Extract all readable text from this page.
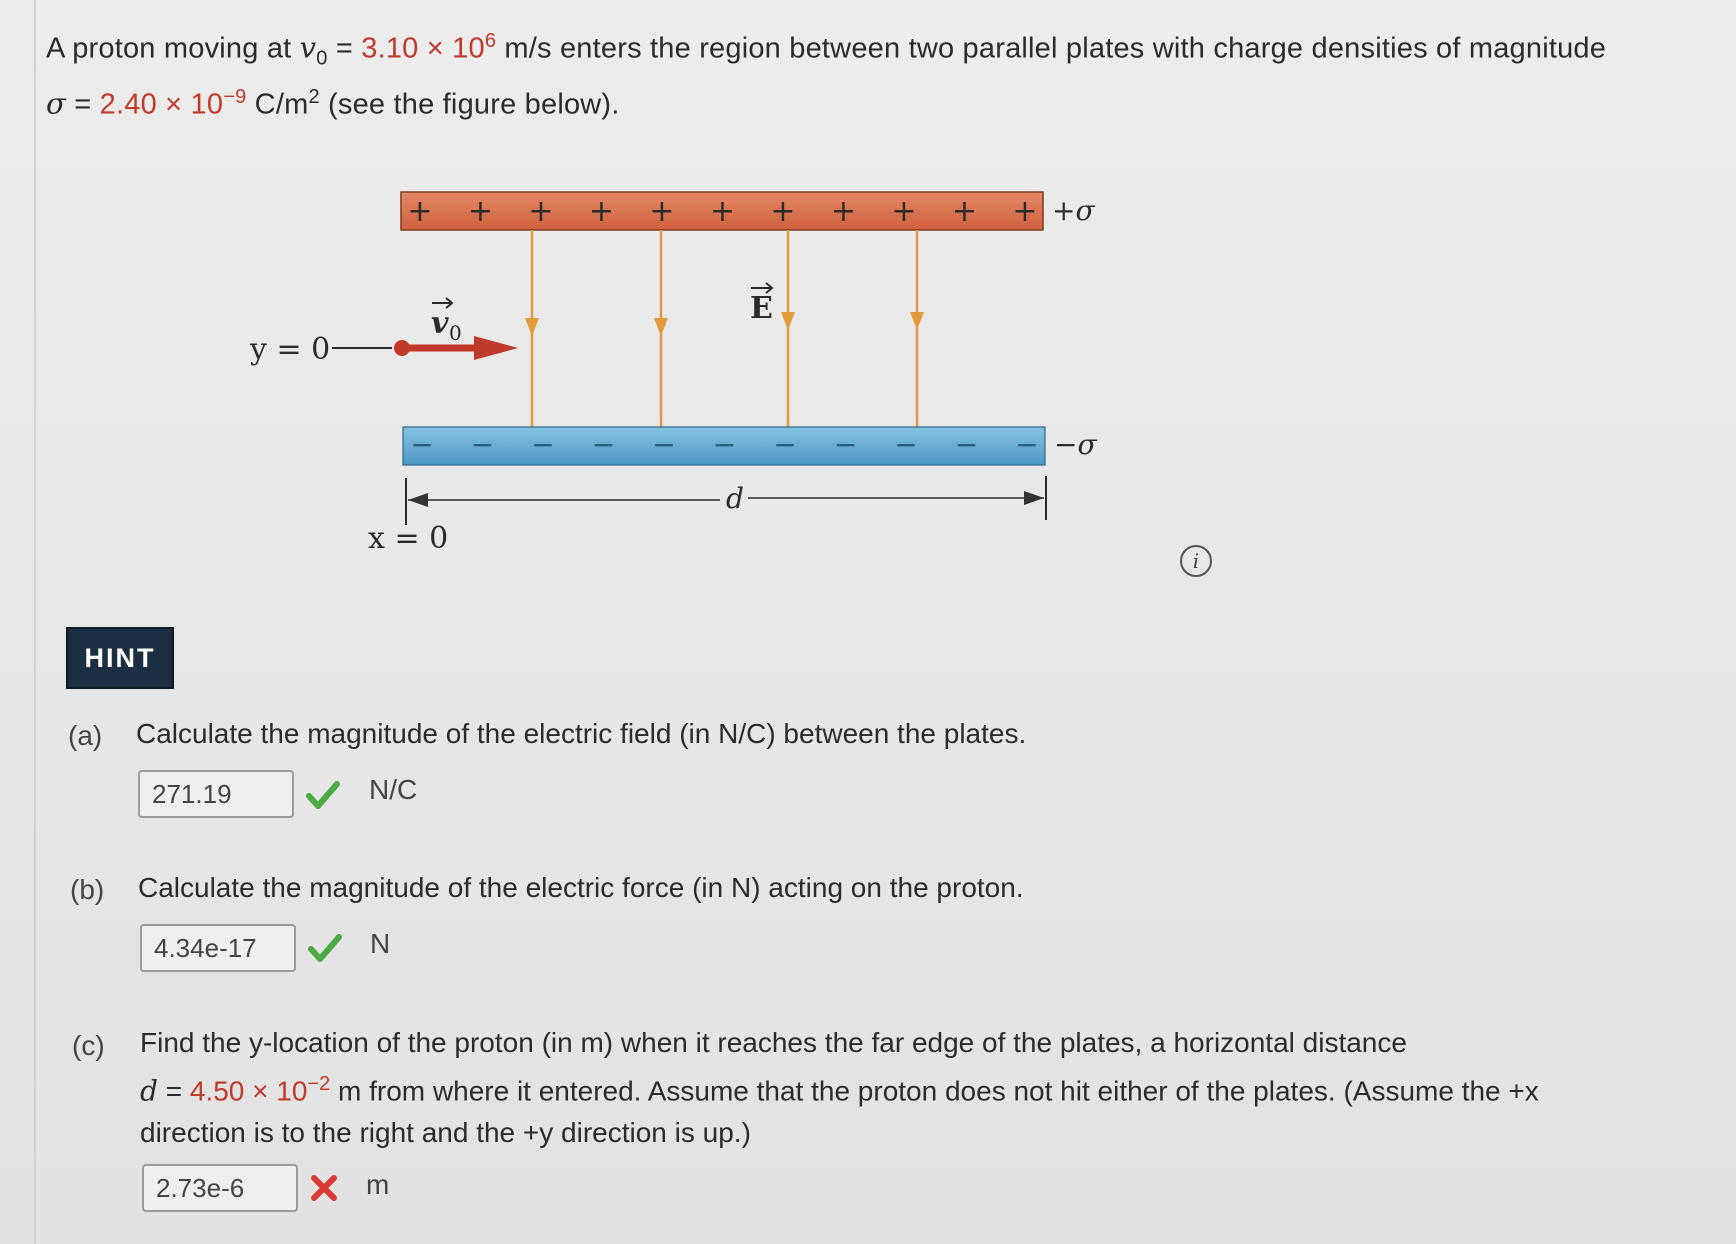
A proton moving at $v_0 = 3.10 \times 10^6$ m/s enters the region between two parallel plates with charge densities of magnitude
$\sigma = 2.40 \times 10^{-9}$ $C/m^2$ (see the figure below).
+ + + + + + + + + + + +σ
E
− − − − − − − − − − − −σ
y = 0
v 0
d
x = 0
i
HINT
(a) Calculate the magnitude of the electric field (in N/C) between the plates.
271.19	N/C
(b) Calculate the magnitude of the electric force (in N) acting on the proton.
4.34e-17	N
(c) Find the y-location of the proton (in m) when it reaches the far edge of the plates, a horizontal distance
$d = 4.50 \times 10^{-2}$ m from where it entered. Assume that the proton does not hit either of the plates. (Assume the +x
direction is to the right and the +y direction is up.)
2.73e-6	m
